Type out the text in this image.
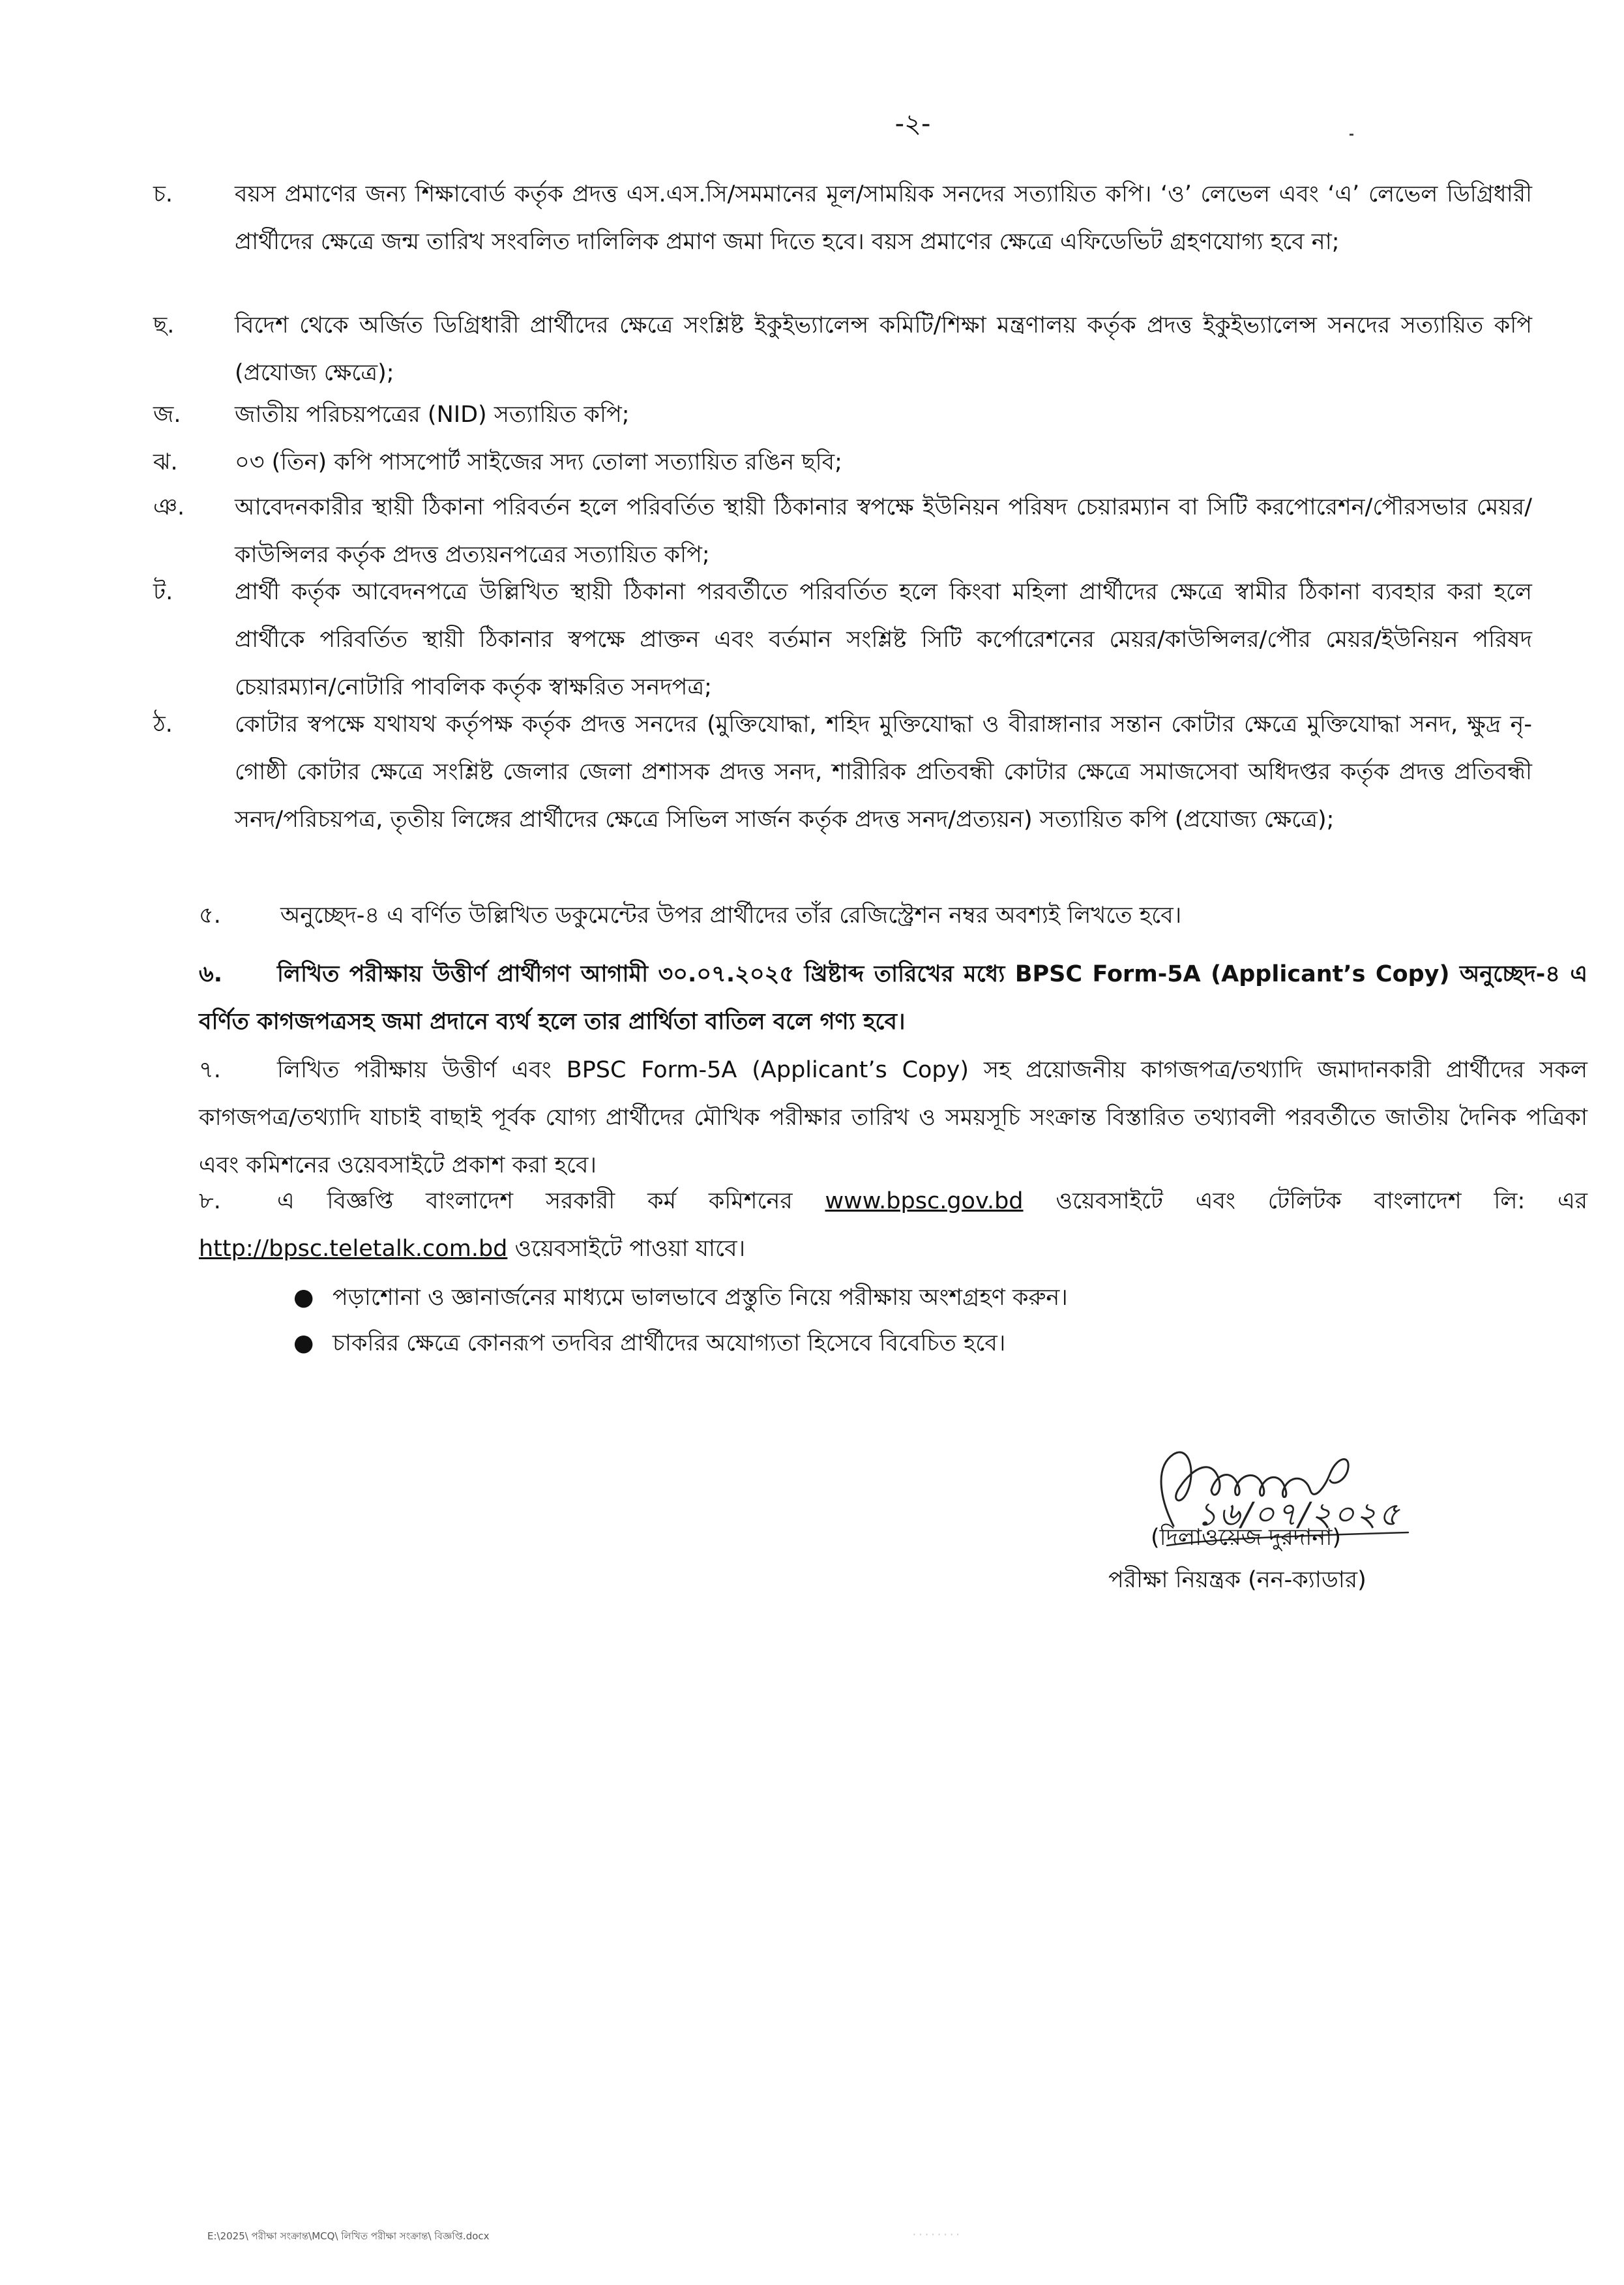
-২-
চ.	বয়স প্রমাণের জন্য শিক্ষাবোর্ড কর্তৃক প্রদত্ত এস.এস.সি/সমমানের মূল/সাময়িক সনদের সত্যায়িত কপি। ‘ও’ লেভেল এবং ‘এ’ লেভেল ডিগ্রিধারী প্রার্থীদের ক্ষেত্রে জন্ম তারিখ সংবলিত দালিলিক প্রমাণ জমা দিতে হবে। বয়স প্রমাণের ক্ষেত্রে এফিডেভিট গ্রহণযোগ্য হবে না;
ছ.	বিদেশ থেকে অর্জিত ডিগ্রিধারী প্রার্থীদের ক্ষেত্রে সংশ্লিষ্ট ইকুইভ্যালেন্স কমিটি/শিক্ষা মন্ত্রণালয় কর্তৃক প্রদত্ত ইকুইভ্যালেন্স সনদের সত্যায়িত কপি (প্রযোজ্য ক্ষেত্রে);
জ. জাতীয় পরিচয়পত্রের (NID) সত্যায়িত কপি;
ঝ. ০৩ (তিন) কপি পাসপোর্ট সাইজের সদ্য তোলা সত্যায়িত রঙিন ছবি;
ঞ. আবেদনকারীর স্থায়ী ঠিকানা পরিবর্তন হলে পরিবর্তিত স্থায়ী ঠিকানার স্বপক্ষে ইউনিয়ন পরিষদ চেয়ারম্যান বা সিটি করপোরেশন/পৌরসভার মেয়র/কাউন্সিলর কর্তৃক প্রদত্ত প্রত্যয়নপত্রের সত্যায়িত কপি;
ট.	প্রার্থী কর্তৃক আবেদনপত্রে উল্লিখিত স্থায়ী ঠিকানা পরবর্তীতে পরিবর্তিত হলে কিংবা মহিলা প্রার্থীদের ক্ষেত্রে স্বামীর ঠিকানা ব্যবহার করা হলে প্রার্থীকে পরিবর্তিত স্থায়ী ঠিকানার স্বপক্ষে প্রাক্তন এবং বর্তমান সংশ্লিষ্ট সিটি কর্পোরেশনের মেয়র/কাউন্সিলর/পৌর মেয়র/ইউনিয়ন পরিষদ চেয়ারম্যান/নোটারি পাবলিক কর্তৃক স্বাক্ষরিত সনদপত্র;
ঠ.	কোটার স্বপক্ষে যথাযথ কর্তৃপক্ষ কর্তৃক প্রদত্ত সনদের (মুক্তিযোদ্ধা, শহিদ মুক্তিযোদ্ধা ও বীরাঙ্গানার সন্তান কোটার ক্ষেত্রে মুক্তিযোদ্ধা সনদ, ক্ষুদ্র নৃ-গোষ্ঠী কোটার ক্ষেত্রে সংশ্লিষ্ট জেলার জেলা প্রশাসক প্রদত্ত সনদ, শারীরিক প্রতিবন্ধী কোটার ক্ষেত্রে সমাজসেবা অধিদপ্তর কর্তৃক প্রদত্ত প্রতিবন্ধী সনদ/পরিচয়পত্র, তৃতীয় লিঙ্গের প্রার্থীদের ক্ষেত্রে সিভিল সার্জন কর্তৃক প্রদত্ত সনদ/প্রত্যয়ন) সত্যায়িত কপি (প্রযোজ্য ক্ষেত্রে);
৫.	অনুচ্ছেদ-৪ এ বর্ণিত উল্লিখিত ডকুমেন্টের উপর প্রার্থীদের তাঁর রেজিস্ট্রেশন নম্বর অবশ্যই লিখতে হবে।
৬. লিখিত পরীক্ষায় উত্তীর্ণ প্রার্থীগণ আগামী ৩০.০৭.২০২৫ খ্রিষ্টাব্দ তারিখের মধ্যে BPSC Form-5A (Applicant’s Copy) অনুচ্ছেদ-৪ এ বর্ণিত কাগজপত্রসহ জমা প্রদানে ব্যর্থ হলে তার প্রার্থিতা বাতিল বলে গণ্য হবে।
৭. লিখিত পরীক্ষায় উত্তীর্ণ এবং BPSC Form-5A (Applicant’s Copy) সহ প্রয়োজনীয় কাগজপত্র/তথ্যাদি জমাদানকারী প্রার্থীদের সকল কাগজপত্র/তথ্যাদি যাচাই বাছাই পূর্বক যোগ্য প্রার্থীদের মৌখিক পরীক্ষার তারিখ ও সময়সূচি সংক্রান্ত বিস্তারিত তথ্যাবলী পরবর্তীতে জাতীয় দৈনিক পত্রিকা এবং কমিশনের ওয়েবসাইটে প্রকাশ করা হবে।
৮. এ বিজ্ঞপ্তি বাংলাদেশ সরকারী কর্ম কমিশনের www.bpsc.gov.bd ওয়েবসাইটে এবং টেলিটক বাংলাদেশ লি: এর http://bpsc.teletalk.com.bd ওয়েবসাইটে পাওয়া যাবে।
● পড়াশোনা ও জ্ঞানার্জনের মাধ্যমে ভালভাবে প্রস্তুতি নিয়ে পরীক্ষায় অংশগ্রহণ করুন।
● চাকরির ক্ষেত্রে কোনরূপ তদবির প্রার্থীদের অযোগ্যতা হিসেবে বিবেচিত হবে।
১৬/০৭/২০২৫
(দিলাওয়েজ দুরদানা)
পরীক্ষা নিয়ন্ত্রক (নন-ক্যাডার)
E:\2025\ পরীক্ষা সংক্রান্ত\MCQ\ লিখিত পরীক্ষা সংক্রান্ত\ বিজ্ঞপ্তি.docx	· · · · · · · ·
